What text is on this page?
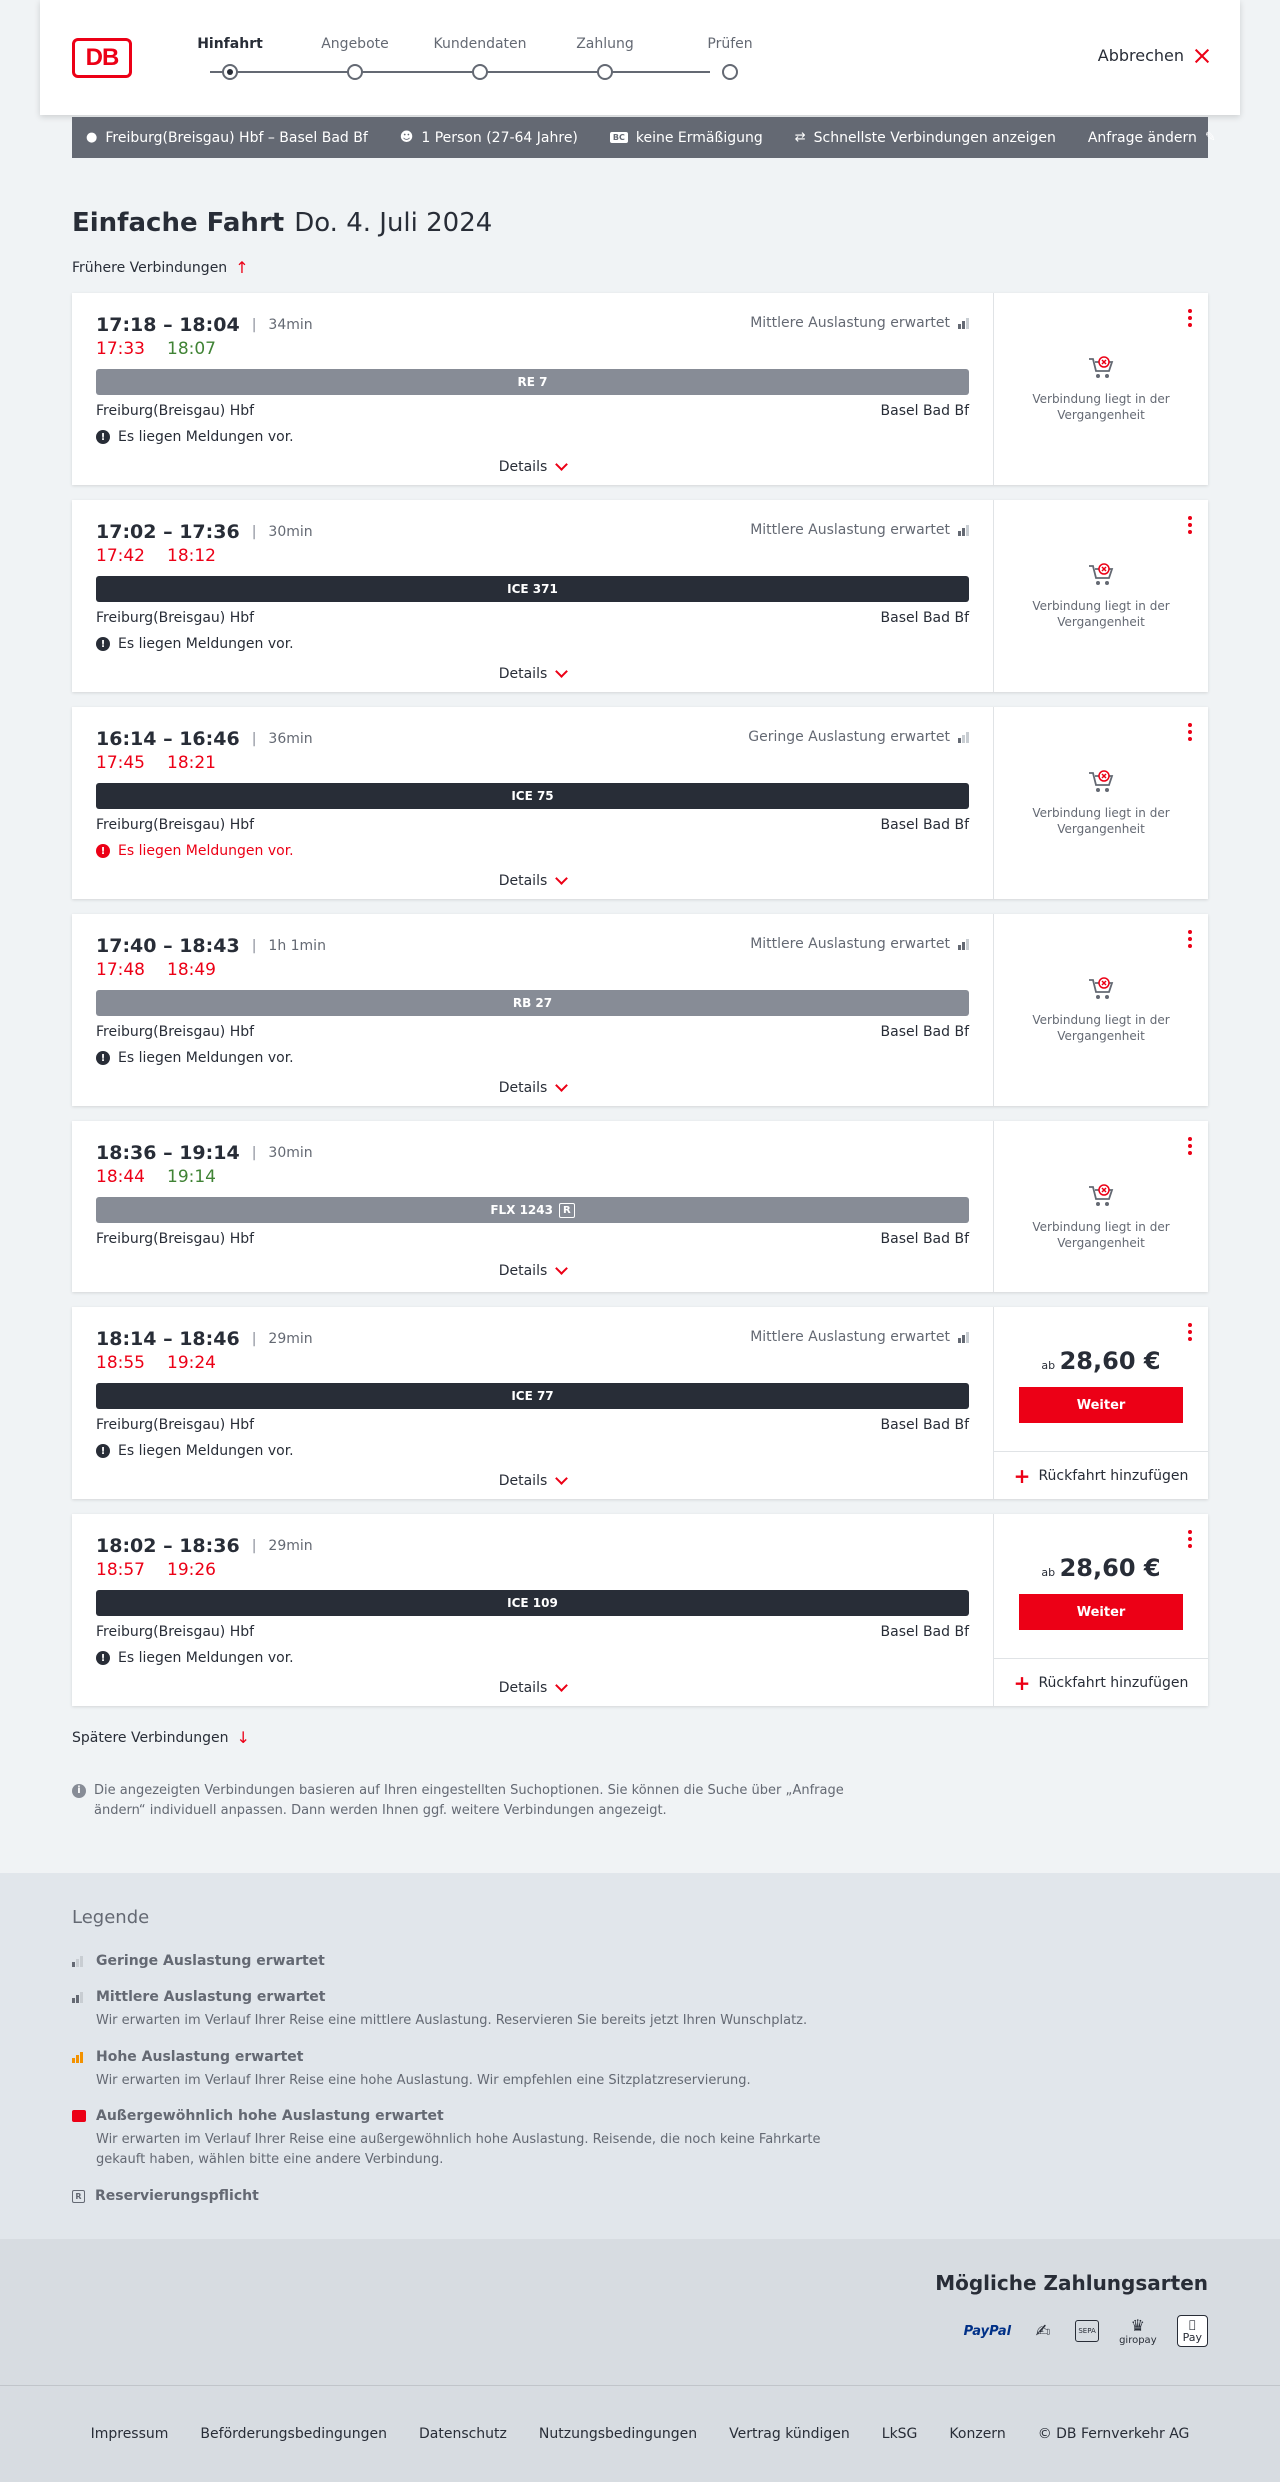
DB	Hinfahrt	Angebote	Kundendaten	Zahlung	Prüfen
Abbrechen
● Freiburg(Breisgau) Hbf – Basel Bad Bf ☻ 1 Person (27-64 Jahre)	BC keine Ermäßigung ⇄ Schnellste Verbindungen anzeigen Anfrage ändern ✎
Einfache Fahrt Do. 4. Juli 2024
Frühere Verbindungen ↑
17:18 – 18:04 | 34min	Mittlere Auslastung erwartet
17:33 18:07
RE 7
Freiburg(Breisgau) Hbf	Basel Bad Bf
! Es liegen Meldungen vor.
Details
Verbindung liegt in der Vergangenheit
17:02 – 17:36 | 30min	Mittlere Auslastung erwartet
17:42 18:12
ICE 371
Freiburg(Breisgau) Hbf	Basel Bad Bf
! Es liegen Meldungen vor.
Details
Verbindung liegt in der Vergangenheit
16:14 – 16:46 | 36min	Geringe Auslastung erwartet
17:45 18:21
ICE 75
Freiburg(Breisgau) Hbf	Basel Bad Bf
! Es liegen Meldungen vor.
Details
Verbindung liegt in der Vergangenheit
17:40 – 18:43 | 1h 1min	Mittlere Auslastung erwartet
17:48 18:49
RB 27
Freiburg(Breisgau) Hbf	Basel Bad Bf
! Es liegen Meldungen vor.
Details
Verbindung liegt in der Vergangenheit
18:36 – 19:14 | 30min
18:44 19:14
FLX 1243	R
Freiburg(Breisgau) Hbf	Basel Bad Bf
Details
Verbindung liegt in der Vergangenheit
18:14 – 18:46 | 29min	Mittlere Auslastung erwartet
18:55 19:24
ICE 77
Freiburg(Breisgau) Hbf	Basel Bad Bf
! Es liegen Meldungen vor.
Details
ab 28,60 €
Weiter
+ Rückfahrt hinzufügen
18:02 – 18:36 | 29min
18:57 19:26
ICE 109
Freiburg(Breisgau) Hbf	Basel Bad Bf
! Es liegen Meldungen vor.
Details
ab 28,60 €
Weiter
+ Rückfahrt hinzufügen
Spätere Verbindungen ↓
i	Die angezeigten Verbindungen basieren auf Ihren eingestellten Suchoptionen. Sie können die Suche über „Anfrage ändern“ individuell anpassen. Dann werden Ihnen ggf. weitere Verbindungen angezeigt.
Legende
Geringe Auslastung erwartet
Mittlere Auslastung erwartet
Wir erwarten im Verlauf Ihrer Reise eine mittlere Auslastung. Reservieren Sie bereits jetzt Ihren Wunschplatz.
Hohe Auslastung erwartet
Wir erwarten im Verlauf Ihrer Reise eine hohe Auslastung. Wir empfehlen eine Sitzplatzreservierung.
Außergewöhnlich hohe Auslastung erwartet
Wir erwarten im Verlauf Ihrer Reise eine außergewöhnlich hohe Auslastung. Reisende, die noch keine Fahrkarte gekauft haben, wählen bitte eine andere Verbindung.
R Reservierungspflicht
Mögliche Zahlungsarten
PayPal ✍	SEPA ♛
giropay
Pay
Impressum Beförderungsbedingungen Datenschutz Nutzungsbedingungen Vertrag kündigen LkSG Konzern © DB Fernverkehr AG
